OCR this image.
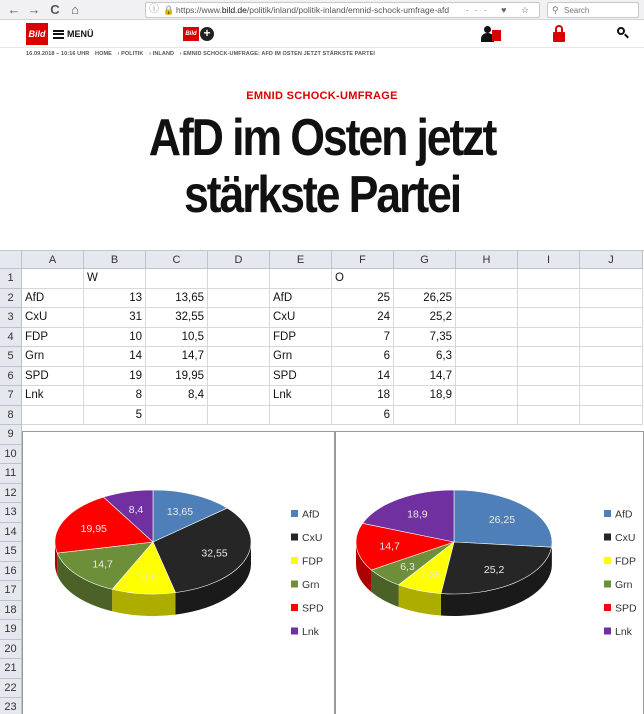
← → C ⌂	ⓘ 🔒 https://www.bild.de/politik/inland/politik-inland/emnid-schock-umfrage-afd	··· ♥ ☆ ⚲
Search
Bild MENÜ	Bild +
16.09.2018 – 10:16 UHR HOME › POLITIK › INLAND › EMNID SCHOCK-UMFRAGE: AFD IM OSTEN JETZT STÄRKSTE PARTEI
EMNID SCHOCK-UMFRAGE
AfD im Osten jetzt
stärkste Partei
A	B	C	D	E	F	G	H	I	J
1
2
3
4
5
6
7
8
9
10
11
12
13
14
15
16
17
18
19
20
21
22
23
W	O
AfD	13	13,65	AfD	25	26,25
CxU	31	32,55	CxU	24	25,2
FDP	10	10,5	FDP	7	7,35
Grn	14	14,7	Grn	6	6,3
SPD	19	19,95	SPD	14	14,7
Lnk	8	8,4	Lnk	18	18,9
5	6
13,65
32,55
10,5
14,7
19,95
8,4	AfD
CxU
FDP
Grn
SPD
Lnk
26,25
25,2
7,35
6,3
14,7
18,9	AfD
CxU
FDP
Grn
SPD
Lnk
